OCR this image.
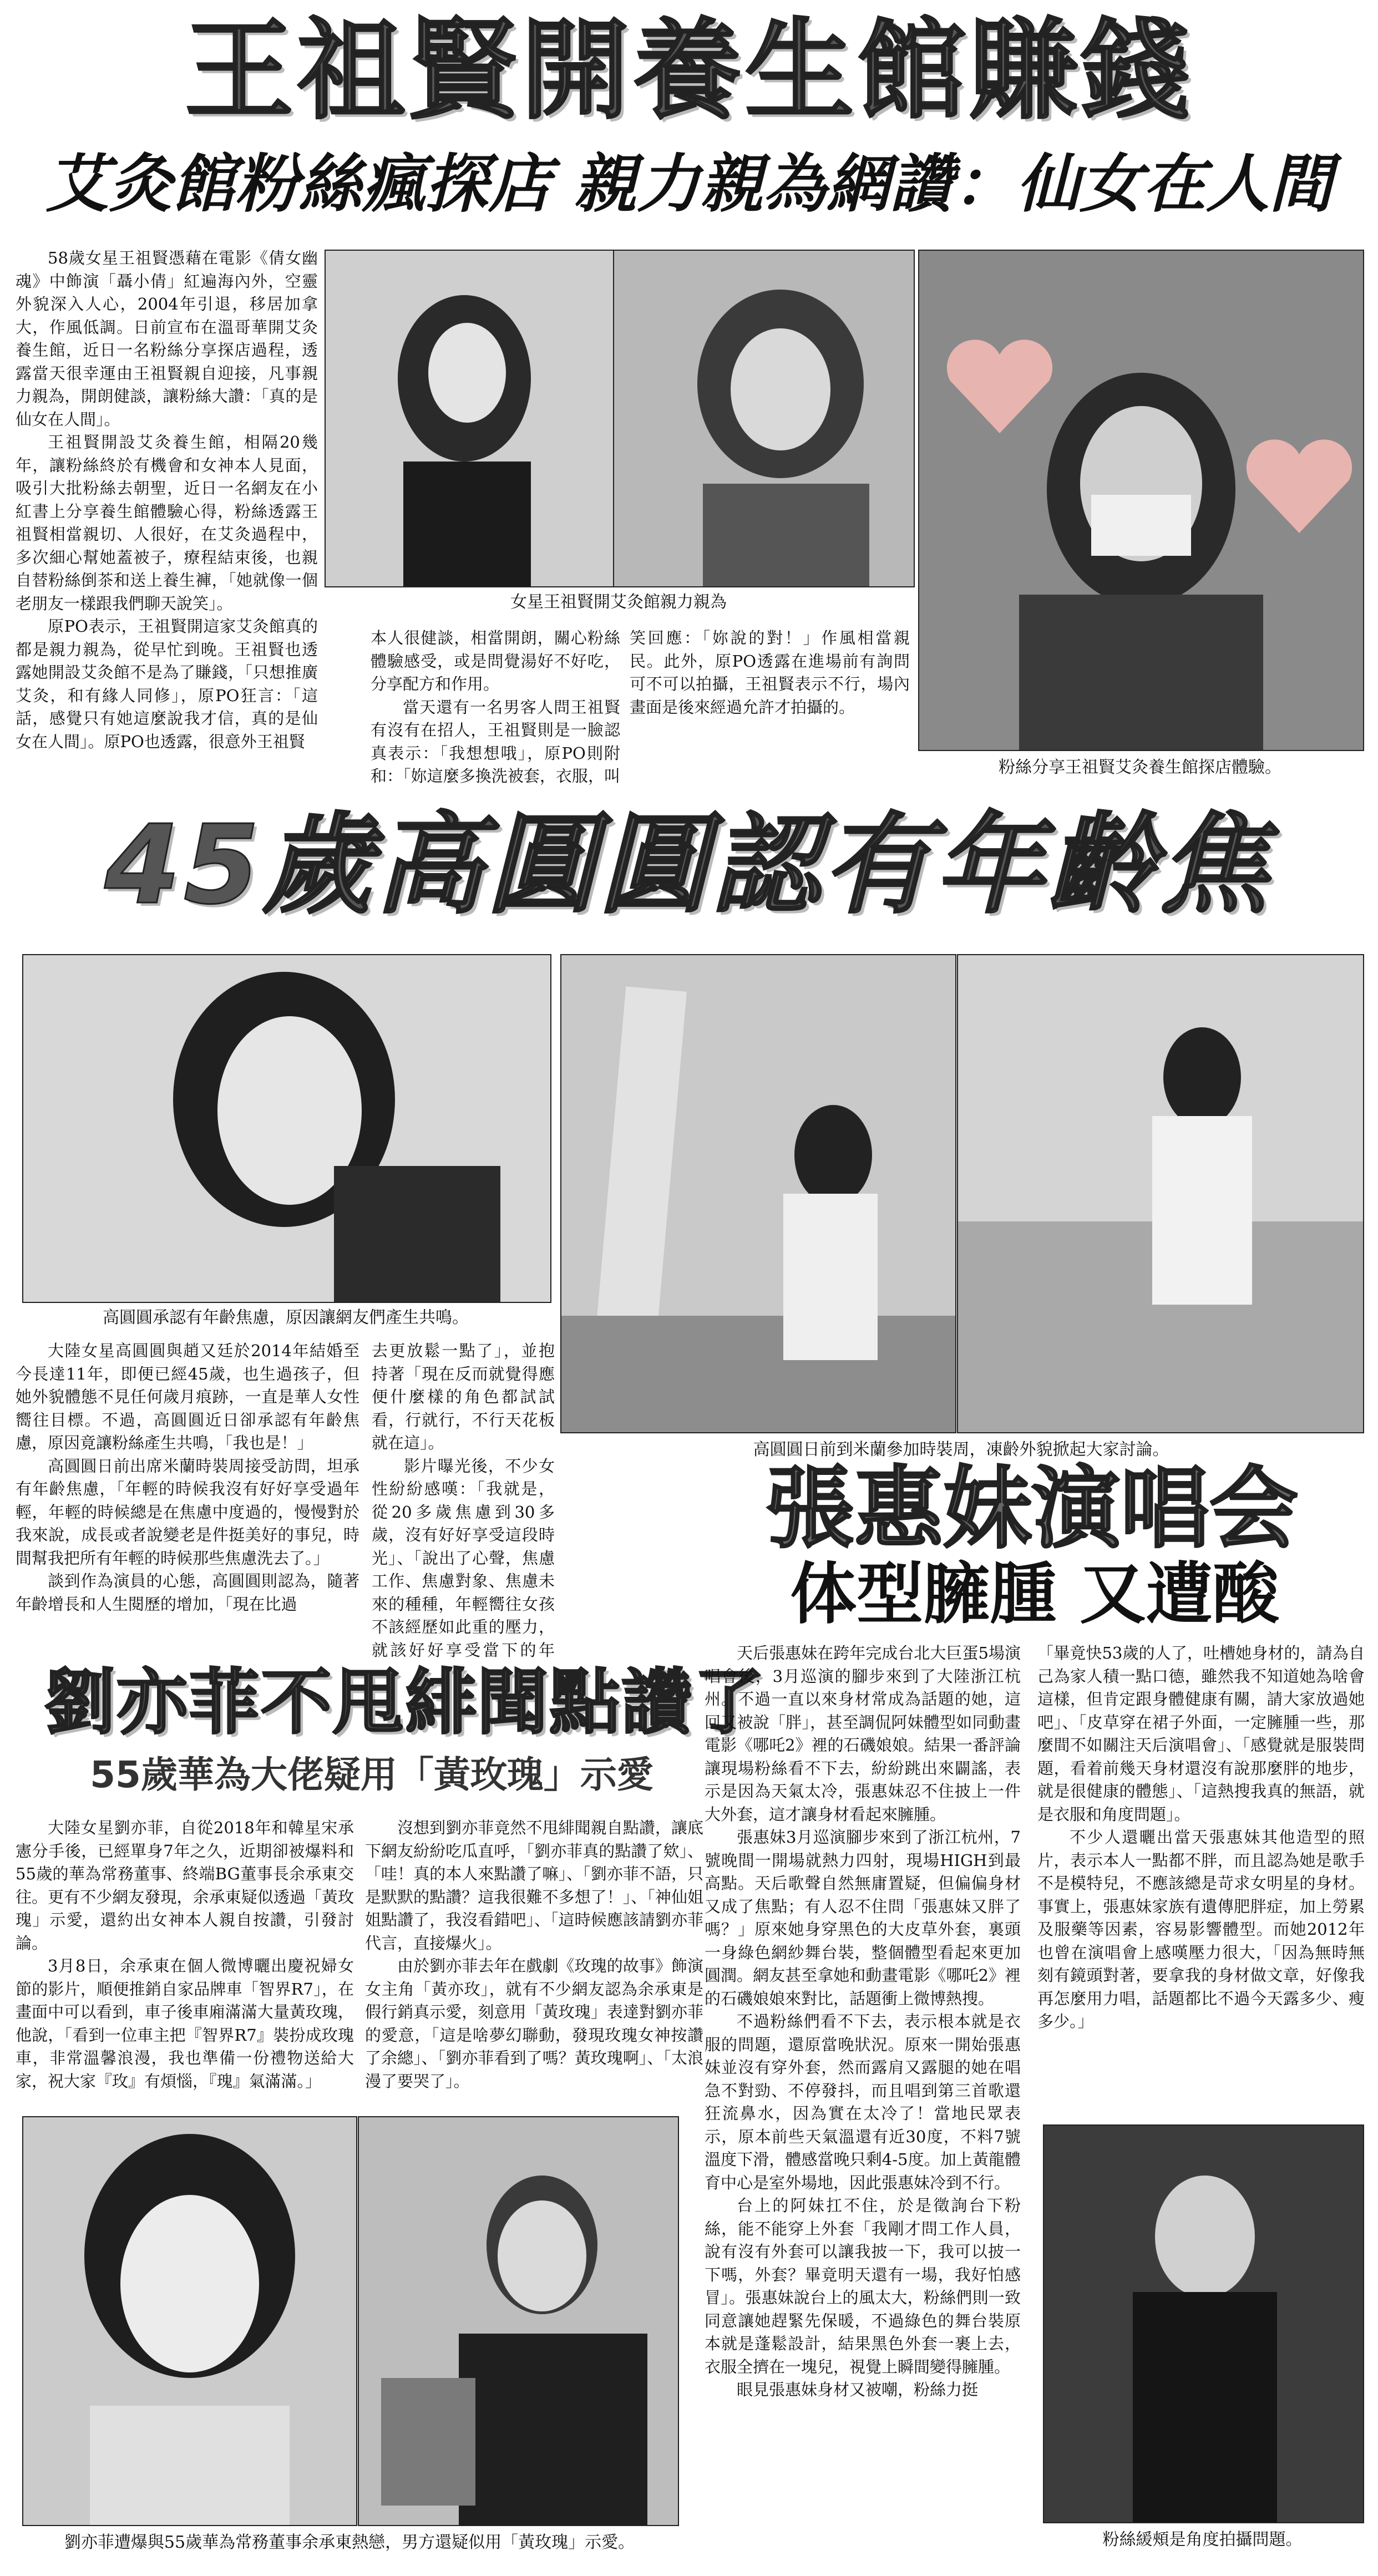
王祖賢開養生館賺錢
艾灸館粉絲瘋探店 親力親為網讚：仙女在人間

58歲女星王祖賢憑藉在電影《倩女幽魂》中飾演「聶小倩」紅遍海內外，空靈外貌深入人心，2004年引退，移居加拿大，作風低調。日前宣布在溫哥華開艾灸養生館，近日一名粉絲分享探店過程，透露當天很幸運由王祖賢親自迎接，凡事親力親為，開朗健談，讓粉絲大讚：「真的是仙女在人間」。

王祖賢開設艾灸養生館，相隔20幾年，讓粉絲終於有機會和女神本人見面，吸引大批粉絲去朝聖，近日一名網友在小紅書上分享養生館體驗心得，粉絲透露王祖賢相當親切、人很好，在艾灸過程中，多次細心幫她蓋被子，療程結束後，也親自替粉絲倒茶和送上養生褲，「她就像一個老朋友一樣跟我們聊天說笑」。

原PO表示，王祖賢開這家艾灸館真的都是親力親為，從早忙到晚。王祖賢也透露她開設艾灸館不是為了賺錢，「只想推廣艾灸，和有緣人同修」，原PO狂言：「這話，感覺只有她這麼說我才信，真的是仙女在人間」。原PO也透露，很意外王祖賢

女星王祖賢開艾灸館親力親為
粉絲分享王祖賢艾灸養生館探店體驗。

本人很健談，相當開朗，關心粉絲體驗感受，或是問覺湯好不好吃，分享配方和作用。

當天還有一名男客人問王祖賢有沒有在招人，王祖賢則是一臉認真表示：「我想想哦」，原PO則附和：「妳這麼多換洗被套，衣服，叫

笑回應：「妳說的對！」作風相當親民。此外，原PO透露在進場前有詢問可不可以拍攝，王祖賢表示不行，場內畫面是後來經過允許才拍攝的。

45歲高圓圓認有年齡焦
高圓圓承認有年齡焦慮，原因讓網友們產生共鳴。
高圓圓日前到米蘭參加時裝周，凍齡外貌掀起大家討論。

大陸女星高圓圓與趙又廷於2014年結婚至今長達11年，即便已經45歲，也生過孩子，但她外貌體態不見任何歲月痕跡，一直是華人女性嚮往目標。不過，高圓圓近日卻承認有年齡焦慮，原因竟讓粉絲產生共鳴，「我也是！」

高圓圓日前出席米蘭時裝周接受訪問，坦承有年齡焦慮，「年輕的時候我沒有好好享受過年輕，年輕的時候總是在焦慮中度過的，慢慢對於我來說，成長或者說變老是件挺美好的事兒，時間幫我把所有年輕的時候那些焦慮洗去了。」

談到作為演員的心態，高圓圓則認為，隨著年齡增長和人生閱歷的增加，「現在比過

去更放鬆一點了」，並抱持著「現在反而就覺得應便什麼樣的角色都試試看，行就行，不行天花板就在這」。

影片曝光後，不少女性紛紛感嘆：「我就是，從20多歲焦慮到30多歲，沒有好好享受這段時光」、「說出了心聲，焦慮工作、焦慮對象、焦慮未來的種種，年輕嚮往女孩不該經歷如此重的壓力，就該好好享受當下的年

劉亦菲不甩緋聞點讚了
55歲華為大佬疑用「黃玫瑰」示愛

大陸女星劉亦菲，自從2018年和韓星宋承憲分手後，已經單身7年之久，近期卻被爆料和55歲的華為常務董事、終端BG董事長余承東交往。更有不少網友發現，余承東疑似透過「黃玫瑰」示愛，還約出女神本人親自按讚，引發討論。

3月8日，余承東在個人微博曬出慶祝婦女節的影片，順便推銷自家品牌車「智界R7」，在畫面中可以看到，車子後車廂滿滿大量黃玫瑰，他說，「看到一位車主把『智界R7』裝扮成玫瑰車，非常溫馨浪漫，我也準備一份禮物送給大家，祝大家『玫』有煩惱，『瑰』氣滿滿。」

沒想到劉亦菲竟然不甩緋聞親自點讚，讓底下網友紛紛吃瓜直呼，「劉亦菲真的點讚了欸」、「哇！真的本人來點讚了嘛」、「劉亦菲不語，只是默默的點讚？這我很難不多想了！」、「神仙姐姐點讚了，我沒看錯吧」、「這時候應該請劉亦菲代言，直接爆火」。

由於劉亦菲去年在戲劇《玫瑰的故事》飾演女主角「黃亦玫」，就有不少網友認為余承東是假行銷真示愛，刻意用「黃玫瑰」表達對劉亦菲的愛意，「這是啥夢幻聯動，發現玫瑰女神按讚了余總」、「劉亦菲看到了嗎？黃玫瑰啊」、「太浪漫了要哭了」。

劉亦菲遭爆與55歲華為常務董事余承東熱戀，男方還疑似用「黃玫瑰」示愛。
張惠妹演唱会
体型臃腫 又遭酸

天后張惠妹在跨年完成台北大巨蛋5場演唱會後，3月巡演的腳步來到了大陸浙江杭州。不過一直以來身材常成為話題的她，這回又被說「胖」，甚至調侃阿妹體型如同動畫電影《哪吒2》裡的石磯娘娘。結果一番評論讓現場粉絲看不下去，紛紛跳出來闢謠，表示是因為天氣太冷，張惠妹忍不住披上一件大外套，這才讓身材看起來臃腫。

張惠妹3月巡演腳步來到了浙江杭州，7號晚間一開場就熱力四射，現場HIGH到最高點。天后歌聲自然無庸置疑，但偏偏身材又成了焦點；有人忍不住問「張惠妹又胖了嗎？」原來她身穿黑色的大皮草外套，裏頭一身綠色網紗舞台裝，整個體型看起來更加圓潤。網友甚至拿她和動畫電影《哪吒2》裡的石磯娘娘來對比，話題衝上微博熱搜。

不過粉絲們看不下去，表示根本就是衣服的問題，還原當晚狀況。原來一開始張惠妹並沒有穿外套，然而露肩又露腿的她在唱急不對勁、不停發抖，而且唱到第三首歌還狂流鼻水，因為實在太冷了！當地民眾表示，原本前些天氣溫還有近30度，不料7號溫度下滑，體感當晚只剩4-5度。加上黃龍體育中心是室外場地，因此張惠妹冷到不行。

台上的阿妹扛不住，於是徵詢台下粉絲，能不能穿上外套「我剛才問工作人員，說有沒有外套可以讓我披一下，我可以披一下嗎，外套？畢竟明天還有一場，我好怕感冒」。張惠妹說台上的風太大，粉絲們則一致同意讓她趕緊先保暖，不過綠色的舞台裝原本就是蓬鬆設計，結果黑色外套一裹上去，衣服全擠在一塊兒，視覺上瞬間變得臃腫。

眼見張惠妹身材又被嘲，粉絲力挺

「畢竟快53歲的人了，吐槽她身材的，請為自己為家人積一點口德，雖然我不知道她為啥會這樣，但肯定跟身體健康有關，請大家放過她吧」、「皮草穿在裙子外面，一定臃腫一些，那麼間不如關注天后演唱會」、「感覺就是服裝問題，看着前幾天身材還沒有說那麼胖的地步，就是很健康的體態」、「這熱搜我真的無語，就是衣服和角度問題」。

不少人還曬出當天張惠妹其他造型的照片，表示本人一點都不胖，而且認為她是歌手不是模特兒，不應該總是苛求女明星的身材。事實上，張惠妹家族有遺傳肥胖症，加上勞累及服藥等因素，容易影響體型。而她2012年也曾在演唱會上感嘆壓力很大，「因為無時無刻有鏡頭對著，要拿我的身材做文章，好像我再怎麼用力唱，話題都比不過今天露多少、瘦多少。」

粉絲緩頰是角度拍攝問題。
